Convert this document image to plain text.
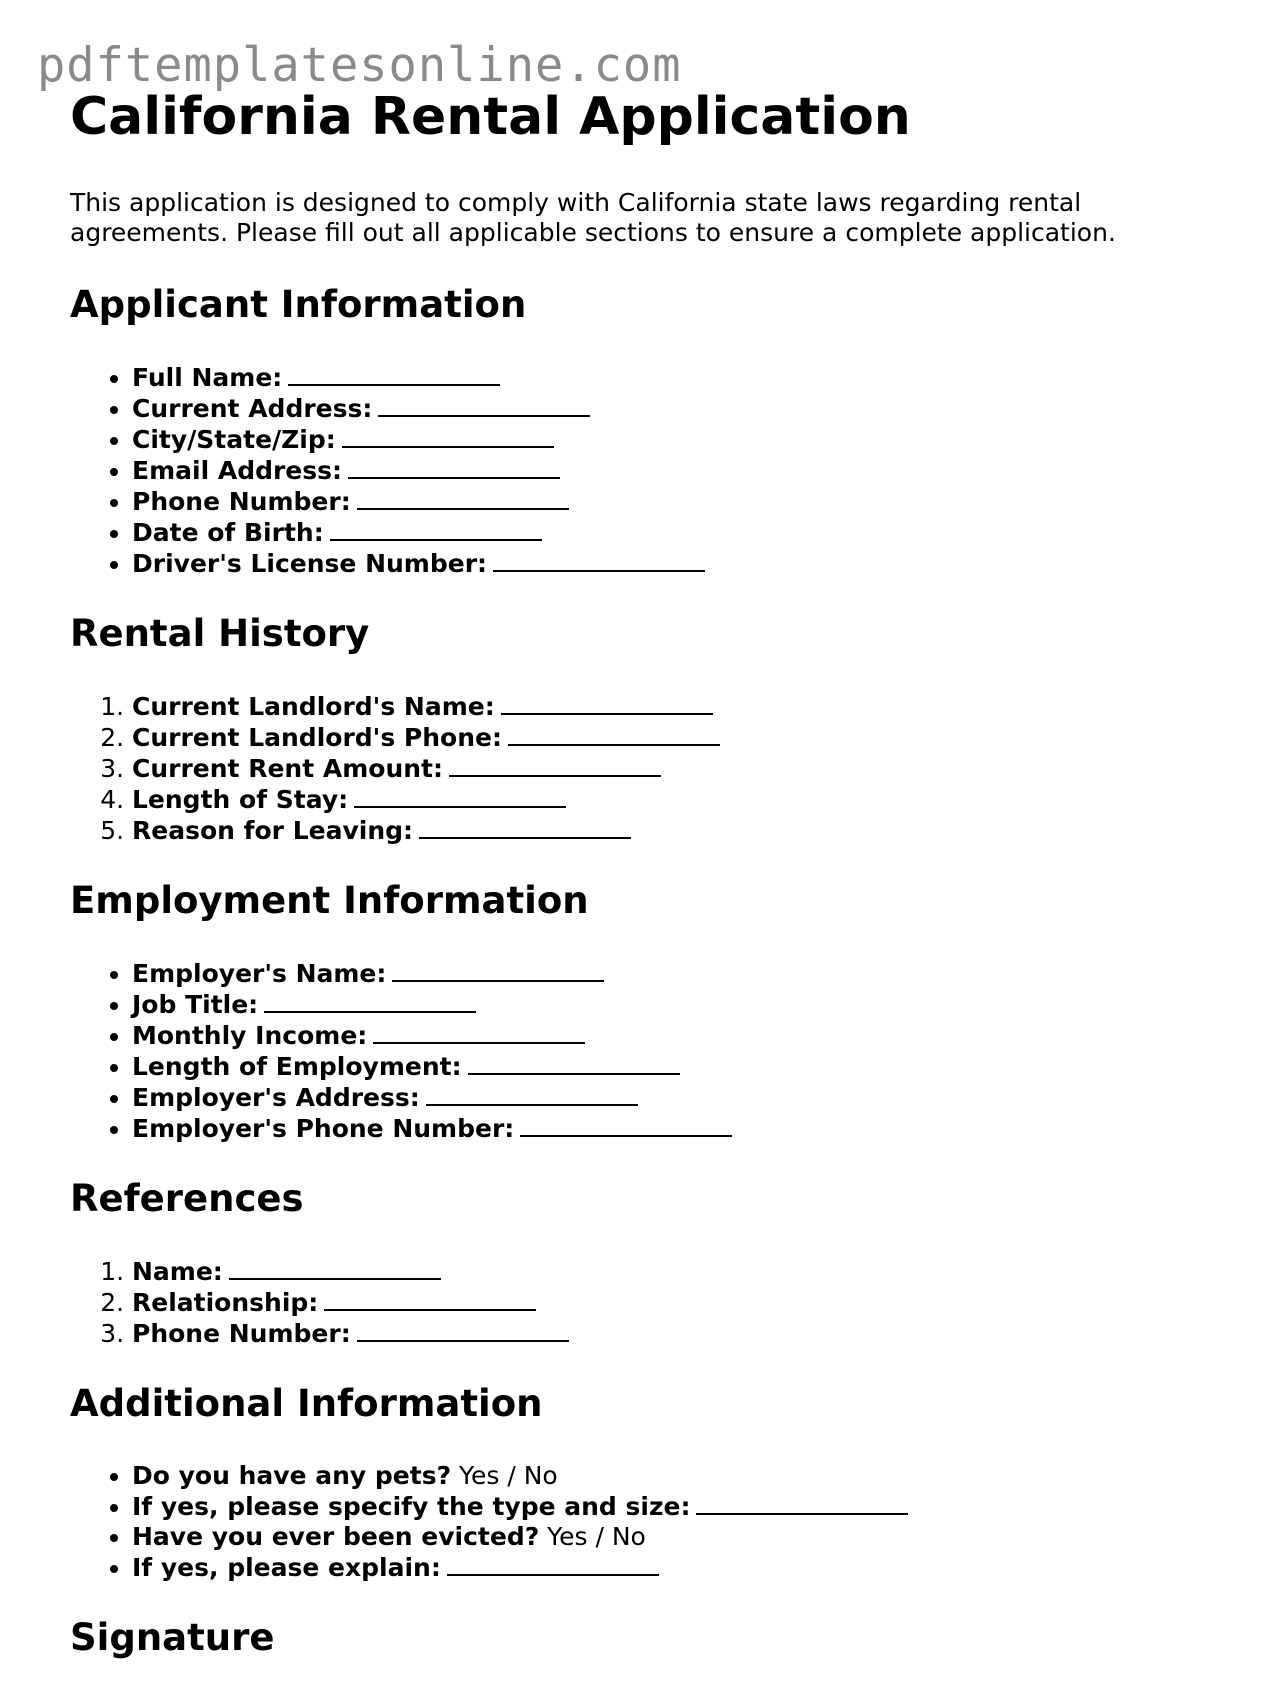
pdftemplatesonline.com
California Rental Application

This application is designed to comply with California state laws regarding rental agreements. Please fill out all applicable sections to ensure a complete application.

Applicant Information
• Full Name:
• Current Address:
• City/State/Zip:
• Email Address:
• Phone Number:
• Date of Birth:
• Driver's License Number:
Rental History
1. Current Landlord's Name:
2. Current Landlord's Phone:
3. Current Rent Amount:
4. Length of Stay:
5. Reason for Leaving:
Employment Information
• Employer's Name:
• Job Title:
• Monthly Income:
• Length of Employment:
• Employer's Address:
• Employer's Phone Number:
References
1. Name:
2. Relationship:
3. Phone Number:
Additional Information
• Do you have any pets? Yes / No
• If yes, please specify the type and size:
• Have you ever been evicted? Yes / No
• If yes, please explain:
Signature
